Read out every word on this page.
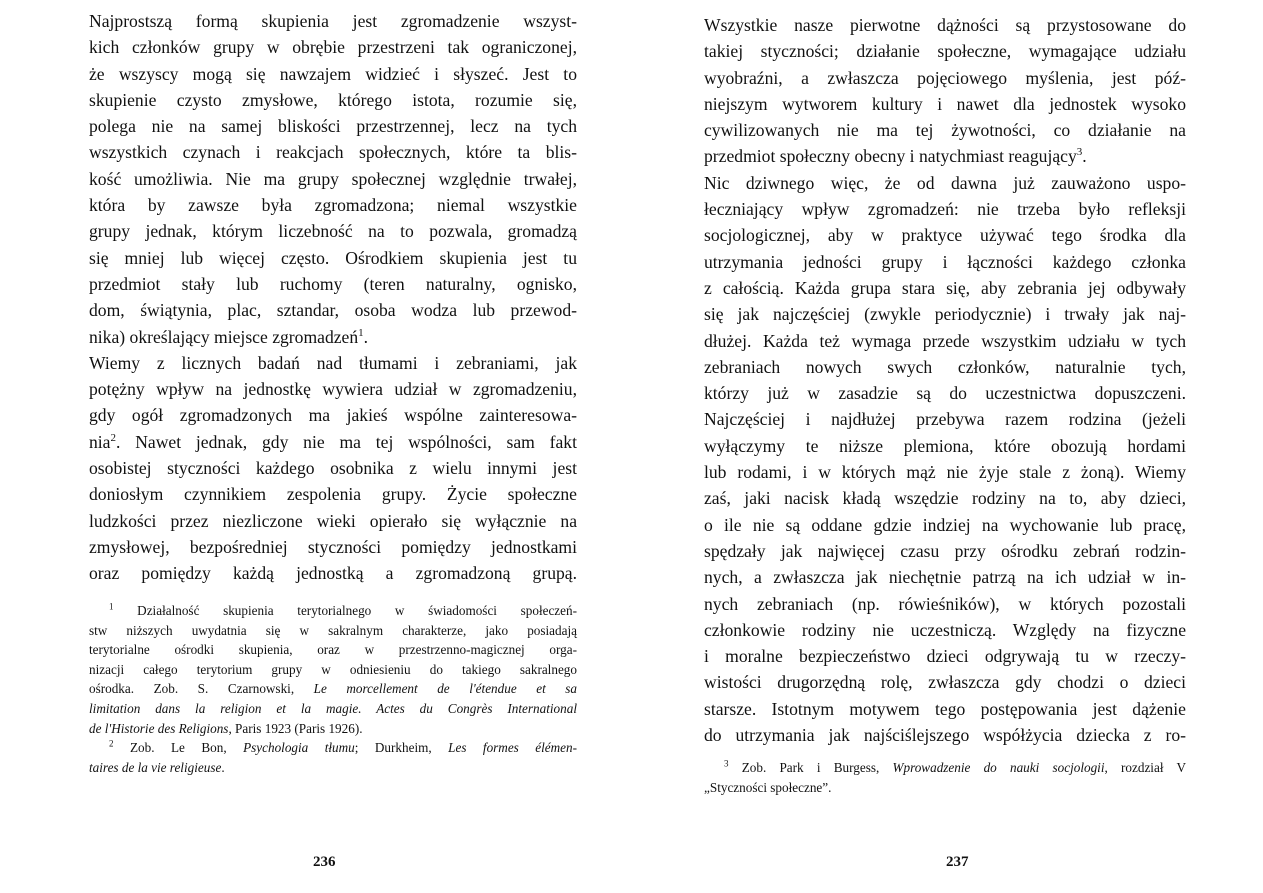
Najprostszą formą skupienia jest zgromadzenie wszyst-
kich członków grupy w obrębie przestrzeni tak ograniczonej,
że wszyscy mogą się nawzajem widzieć i słyszeć. Jest to
skupienie czysto zmysłowe, którego istota, rozumie się,
polega nie na samej bliskości przestrzennej, lecz na tych
wszystkich czynach i reakcjach społecznych, które ta blis-
kość umożliwia. Nie ma grupy społecznej względnie trwałej,
która by zawsze była zgromadzona; niemal wszystkie
grupy jednak, którym liczebność na to pozwala, gromadzą
się mniej lub więcej często. Ośrodkiem skupienia jest tu
przedmiot stały lub ruchomy (teren naturalny, ognisko,
dom, świątynia, plac, sztandar, osoba wodza lub przewod-
nika) określający miejsce zgromadzeń$^1$.
Wiemy z licznych badań nad tłumami i zebraniami, jak
potężny wpływ na jednostkę wywiera udział w zgromadzeniu,
gdy ogół zgromadzonych ma jakieś wspólne zainteresowa-
nia$^2$. Nawet jednak, gdy nie ma tej wspólności, sam fakt
osobistej styczności każdego osobnika z wielu innymi jest
doniosłym czynnikiem zespolenia grupy. Życie społeczne
ludzkości przez niezliczone wieki opierało się wyłącznie na
zmysłowej, bezpośredniej styczności pomiędzy jednostkami
oraz pomiędzy każdą jednostką a zgromadzoną grupą.
$^1$ Działalność skupienia terytorialnego w świadomości społeczeń-
stw niższych uwydatnia się w sakralnym charakterze, jako posiadają
terytorialne ośrodki skupienia, oraz w przestrzenno-magicznej orga-
nizacji całego terytorium grupy w odniesieniu do takiego sakralnego
ośrodka. Zob. S. Czarnowski, Le morcellement de l'étendue et sa
limitation dans la religion et la magie. Actes du Congrès International
de l'Historie des Religions, Paris 1923 (Paris 1926).
$^2$ Zob. Le Bon, Psychologia tłumu; Durkheim, Les formes élémen-
taires de la vie religieuse.
236
Wszystkie nasze pierwotne dążności są przystosowane do
takiej styczności; działanie społeczne, wymagające udziału
wyobraźni, a zwłaszcza pojęciowego myślenia, jest póź-
niejszym wytworem kultury i nawet dla jednostek wysoko
cywilizowanych nie ma tej żywotności, co działanie na
przedmiot społeczny obecny i natychmiast reagujący$^3$.
Nic dziwnego więc, że od dawna już zauważono uspo-
łeczniający wpływ zgromadzeń: nie trzeba było refleksji
socjologicznej, aby w praktyce używać tego środka dla
utrzymania jedności grupy i łączności każdego członka
z całością. Każda grupa stara się, aby zebrania jej odbywały
się jak najczęściej (zwykle periodycznie) i trwały jak naj-
dłużej. Każda też wymaga przede wszystkim udziału w tych
zebraniach nowych swych członków, naturalnie tych,
którzy już w zasadzie są do uczestnictwa dopuszczeni.
Najczęściej i najdłużej przebywa razem rodzina (jeżeli
wyłączymy te niższe plemiona, które obozują hordami
lub rodami, i w których mąż nie żyje stale z żoną). Wiemy
zaś, jaki nacisk kładą wszędzie rodziny na to, aby dzieci,
o ile nie są oddane gdzie indziej na wychowanie lub pracę,
spędzały jak najwięcej czasu przy ośrodku zebrań rodzin-
nych, a zwłaszcza jak niechętnie patrzą na ich udział w in-
nych zebraniach (np. rówieśników), w których pozostali
członkowie rodziny nie uczestniczą. Względy na fizyczne
i moralne bezpieczeństwo dzieci odgrywają tu w rzeczy-
wistości drugorzędną rolę, zwłaszcza gdy chodzi o dzieci
starsze. Istotnym motywem tego postępowania jest dążenie
do utrzymania jak najściślejszego współżycia dziecka z ro-
$^3$ Zob. Park i Burgess, Wprowadzenie do nauki socjologii, rozdział V
„Styczności społeczne”.
237
